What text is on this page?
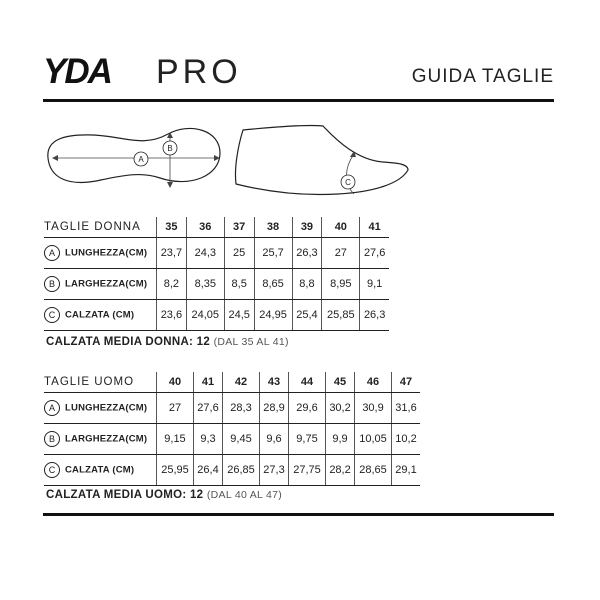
YDA PRO	GUIDA TAGLIE
A
B
C
TAGLIE DONNA	35	36	37	38	39	40	41
A LUNGHEZZA(CM)	23,7	24,3	25	25,7	26,3	27	27,6
B LARGHEZZA(CM)	8,2	8,35	8,5	8,65	8,8	8,95	9,1
C CALZATA (CM)	23,6	24,05	24,5	24,95	25,4	25,85	26,3
CALZATA MEDIA DONNA: 12 (DAL 35 AL 41)
TAGLIE UOMO	40	41	42	43	44	45	46	47
A LUNGHEZZA(CM)	27	27,6	28,3	28,9	29,6	30,2	30,9	31,6
B LARGHEZZA(CM)	9,15	9,3	9,45	9,6	9,75	9,9	10,05	10,2
C CALZATA (CM)	25,95	26,4	26,85	27,3	27,75	28,2	28,65	29,1
CALZATA MEDIA UOMO: 12 (DAL 40 AL 47)
